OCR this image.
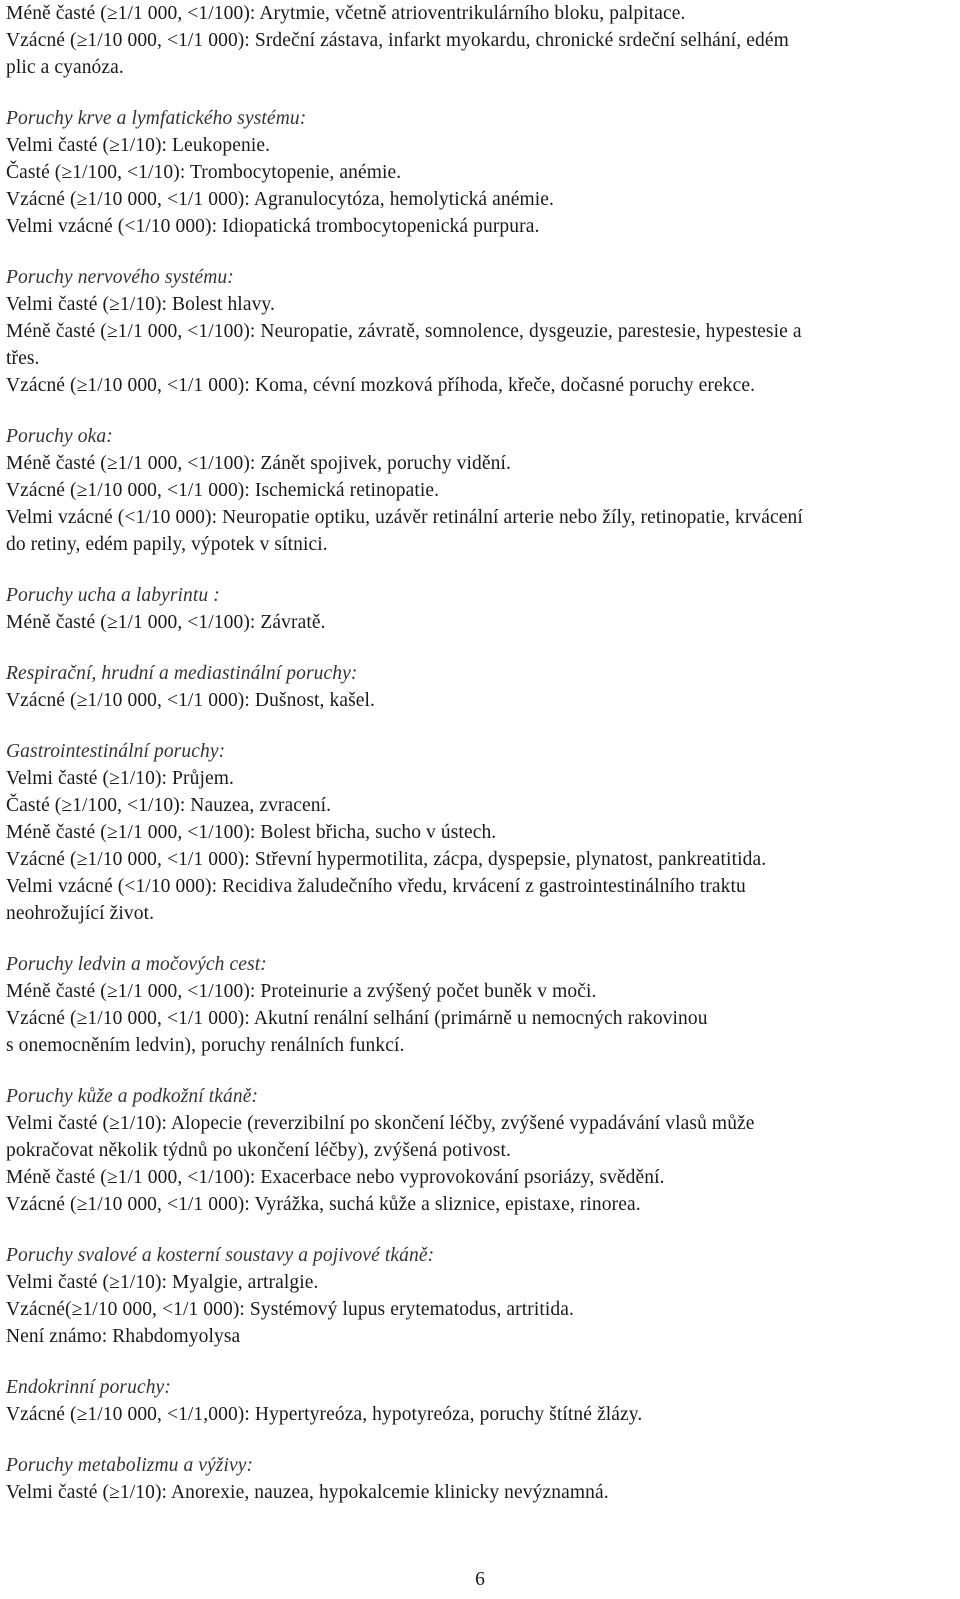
Méně časté (≥1/1 000, <1/100): Arytmie, včetně atrioventrikulárního bloku, palpitace.
Vzácné (≥1/10 000, <1/1 000): Srdeční zástava, infarkt myokardu, chronické srdeční selhání, edém
plic a cyanóza.
Poruchy krve a lymfatického systému:
Velmi časté (≥1/10): Leukopenie.
Časté (≥1/100, <1/10): Trombocytopenie, anémie.
Vzácné (≥1/10 000, <1/1 000): Agranulocytóza, hemolytická anémie.
Velmi vzácné (<1/10 000): Idiopatická trombocytopenická purpura.
Poruchy nervového systému:
Velmi časté (≥1/10): Bolest hlavy.
Méně časté (≥1/1 000, <1/100): Neuropatie, závratě, somnolence, dysgeuzie, parestesie, hypestesie a
třes.
Vzácné (≥1/10 000, <1/1 000): Koma, cévní mozková příhoda, křeče, dočasné poruchy erekce.
Poruchy oka:
Méně časté (≥1/1 000, <1/100): Zánět spojivek, poruchy vidění.
Vzácné (≥1/10 000, <1/1 000): Ischemická retinopatie.
Velmi vzácné (<1/10 000): Neuropatie optiku, uzávěr retinální arterie nebo žíly, retinopatie, krvácení
do retiny, edém papily, výpotek v sítnici.
Poruchy ucha a labyrintu :
Méně časté (≥1/1 000, <1/100): Závratě.
Respirační, hrudní a mediastinální poruchy:
Vzácné (≥1/10 000, <1/1 000): Dušnost, kašel.
Gastrointestinální poruchy:
Velmi časté (≥1/10): Průjem.
Časté (≥1/100, <1/10): Nauzea, zvracení.
Méně časté (≥1/1 000, <1/100): Bolest břicha, sucho v ústech.
Vzácné (≥1/10 000, <1/1 000): Střevní hypermotilita, zácpa, dyspepsie, plynatost, pankreatitida.
Velmi vzácné (<1/10 000): Recidiva žaludečního vředu, krvácení z gastrointestinálního traktu
neohrožující život.
Poruchy ledvin a močových cest:
Méně časté (≥1/1 000, <1/100): Proteinurie a zvýšený počet buněk v moči.
Vzácné (≥1/10 000, <1/1 000): Akutní renální selhání (primárně u nemocných rakovinou
s onemocněním ledvin), poruchy renálních funkcí.
Poruchy kůže a podkožní tkáně:
Velmi časté (≥1/10): Alopecie (reverzibilní po skončení léčby, zvýšené vypadávání vlasů může
pokračovat několik týdnů po ukončení léčby), zvýšená potivost.
Méně časté (≥1/1 000, <1/100): Exacerbace nebo vyprovokování psoriázy, svědění.
Vzácné (≥1/10 000, <1/1 000): Vyrážka, suchá kůže a sliznice, epistaxe, rinorea.
Poruchy svalové a kosterní soustavy a pojivové tkáně:
Velmi časté (≥1/10): Myalgie, artralgie.
Vzácné(≥1/10 000, <1/1 000): Systémový lupus erytematodus, artritida.
Není známo: Rhabdomyolysa
Endokrinní poruchy:
Vzácné (≥1/10 000, <1/1,000): Hypertyreóza, hypotyreóza, poruchy štítné žlázy.
Poruchy metabolizmu a výživy:
Velmi časté (≥1/10): Anorexie, nauzea, hypokalcemie klinicky nevýznamná.
6
